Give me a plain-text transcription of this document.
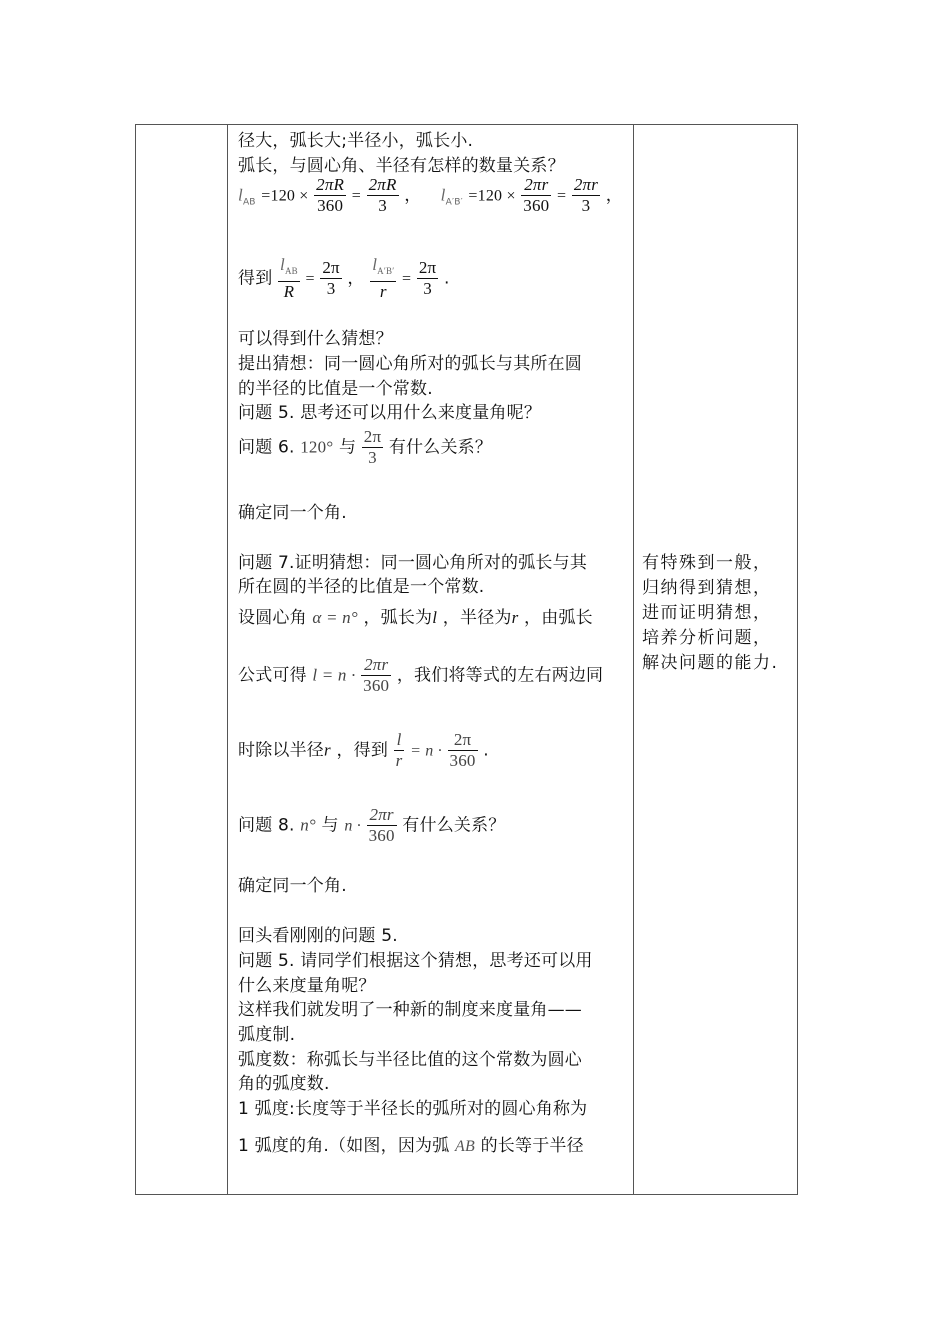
径大，弧长大;半径小，弧长小.
弧长，与圆心角、半径有怎样的数量关系？
$l_{AB} =120 \times \frac{2\pi R}{360} = \frac{2\pi R}{3}$ ， $l_{A'B'} =120 \times \frac{2\pi r}{360} = \frac{2\pi r}{3}$ ，
得到 $\frac{l_{AB}}{R} = \frac{2\pi}{3}$ ， $\frac{l_{A'B'}}{r} = \frac{2\pi}{3}$ .
可以得到什么猜想？
提出猜想：同一圆心角所对的弧长与其所在圆
的半径的比值是一个常数.
问题 5. 思考还可以用什么来度量角呢？
问题 6. 120° 与 $\frac{2\pi}{3}$ 有什么关系？
确定同一个角.
问题 7.证明猜想：同一圆心角所对的弧长与其
所在圆的半径的比值是一个常数.
设圆心角 α = n° ，弧长为l ，半径为r ，由弧长
公式可得 $l = n \cdot \frac{2\pi r}{360}$ ，我们将等式的左右两边同
时除以半径r ，得到 $\frac{l}{r} = n \cdot \frac{2\pi}{360}$ .
问题 8. n° 与 $n \cdot \frac{2\pi r}{360}$ 有什么关系？
确定同一个角.
回头看刚刚的问题 5.
问题 5. 请同学们根据这个猜想，思考还可以用
什么来度量角呢？
这样我们就发明了一种新的制度来度量角——
弧度制.
弧度数：称弧长与半径比值的这个常数为圆心
角的弧度数.
1 弧度:长度等于半径长的弧所对的圆心角称为
1 弧度的角.（如图，因为弧 AB 的长等于半径
有特殊到一般，
归纳得到猜想，
进而证明猜想，
培养分析问题，
解决问题的能力.
